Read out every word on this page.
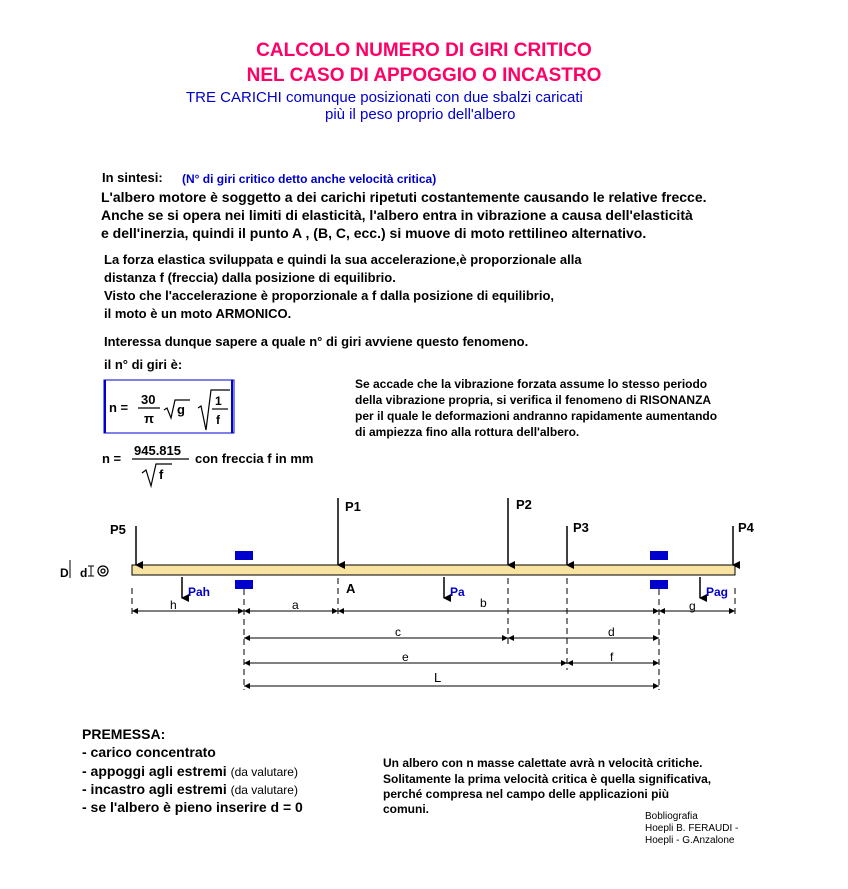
CALCOLO NUMERO DI GIRI CRITICO
NEL CASO DI APPOGGIO O INCASTRO
TRE CARICHI comunque posizionati con due sbalzi caricati
più il peso proprio dell'albero
In sintesi: (N° di giri critico detto anche velocità critica)
L'albero motore è soggetto a dei carichi ripetuti costantemente causando le relative frecce.
Anche se si opera nei limiti di elasticità, l'albero entra in vibrazione a causa dell'elasticità
e dell'inerzia, quindi il punto A , (B, C, ecc.) si muove di moto rettilineo alternativo.
La forza elastica sviluppata e quindi la sua accelerazione,è proporzionale alla
distanza f (freccia) dalla posizione di equilibrio.
Visto che l'accelerazione è proporzionale a f dalla posizione di equilibrio,
il moto è un moto ARMONICO.
Interessa dunque sapere a quale n° di giri avviene questo fenomeno.
il n° di giri è:
n =
30
π
g
1
f
n =
945.815
f
con freccia f in mm
Se accade che la vibrazione forzata assume lo stesso periodo
della vibrazione propria, si verifica il fenomeno di RISONANZA
per il quale le deformazioni andranno rapidamente aumentando
di ampiezza fino alla rottura dell'albero.
D d
P5
P1	P2
P3	P4
Pah	Pa	Pag
A
h	a	b	g
c	d
e	f
L
PREMESSA:
- carico concentrato
- appoggi agli estremi (da valutare)
- incastro agli estremi (da valutare)
- se l'albero è pieno inserire d = 0
Un albero con n masse calettate avrà n velocità critiche.
Solitamente la prima velocità critica è quella significativa,
perché compresa nel campo delle applicazioni più
comuni.
Bobliografia
Hoepli B. FERAUDI -
Hoepli - G.Anzalone
